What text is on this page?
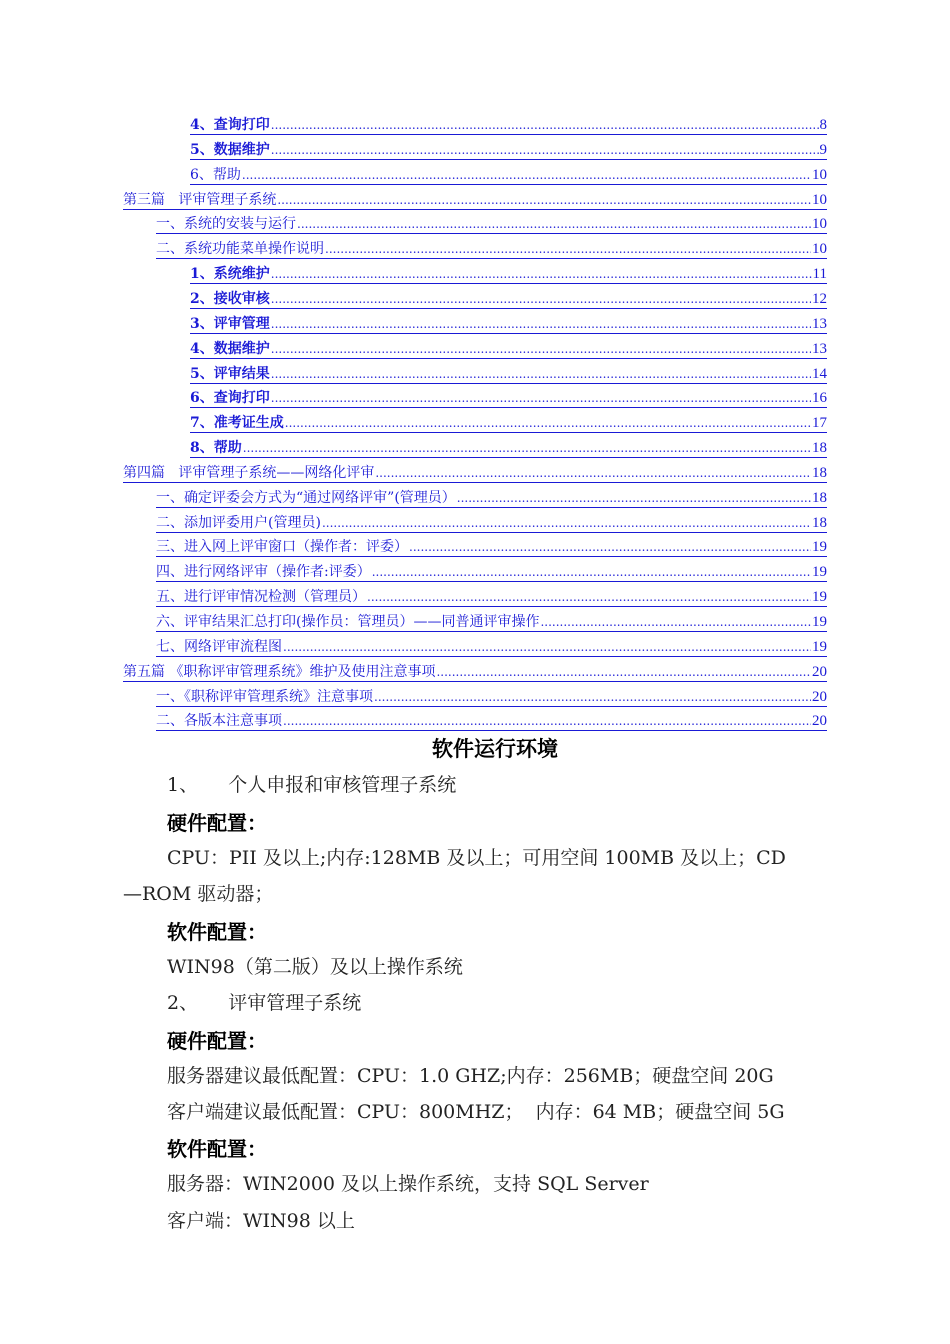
4、查询打印 .....	8
5、数据维护 .....	9
6、帮助 .....	10
第三篇   评审管理子系统 .....	10
一、系统的安装与运行 .....	10
二、系统功能菜单操作说明 .....	10
1、系统维护 .....	11
2、接收审核 .....	12
3、评审管理 .....	13
4、数据维护 .....	13
5、评审结果 .....	14
6、查询打印 .....	16
7、准考证生成 .....	17
8、帮助 .....	18
第四篇   评审管理子系统——网络化评审 .....	18
一、确定评委会方式为“通过网络评审”(管理员） .....	18
二、添加评委用户(管理员) .....	18
三、进入网上评审窗口（操作者：评委） .....	19
四、进行网络评审（操作者:评委） .....	19
五、进行评审情况检测（管理员） .....	19
六、评审结果汇总打印(操作员：管理员）——同普通评审操作 .....	19
七、网络评审流程图 .....	19
第五篇 《职称评审管理系统》维护及使用注意事项 .....	20
一、《职称评审管理系统》注意事项 .....	20
二、各版本注意事项 .....	20
软件运行环境
1、     个人申报和审核管理子系统
硬件配置：
CPU：PII 及以上;内存:128MB 及以上；可用空间 100MB 及以上；CD
—ROM 驱动器；
软件配置：
WIN98（第二版）及以上操作系统
2、     评审管理子系统
硬件配置：
服务器建议最低配置：CPU：1.0 GHZ;内存：256MB；硬盘空间 20G
客户端建议最低配置：CPU：800MHZ；  内存：64 MB；硬盘空间 5G
软件配置：
服务器：WIN2000 及以上操作系统，支持 SQL Server
客户端：WIN98 以上
